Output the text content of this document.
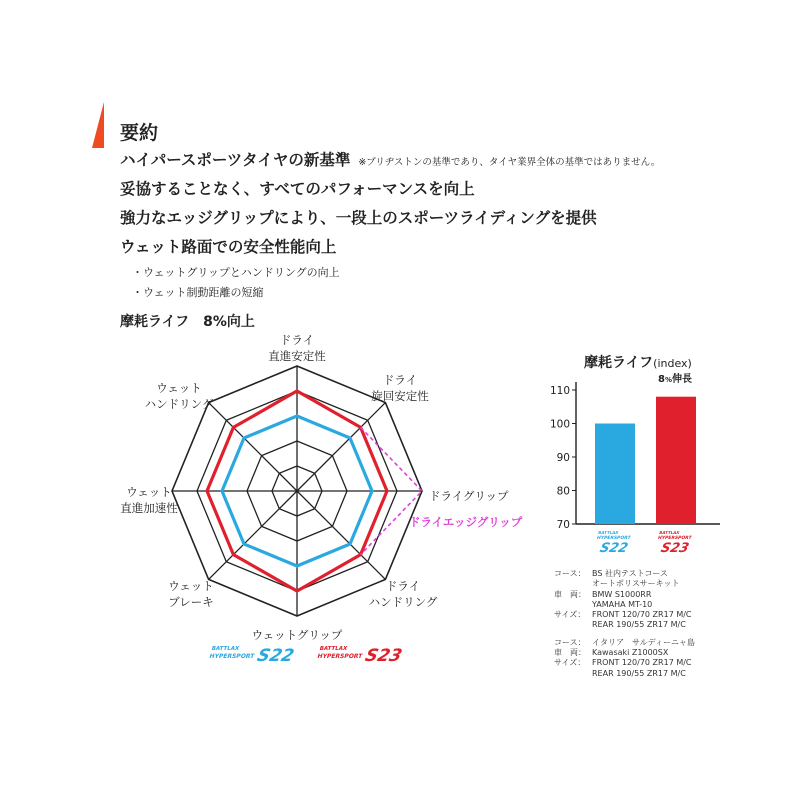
要約
ハイパースポーツタイヤの新基準 ※ブリヂストンの基準であり、タイヤ業界全体の基準ではありません。
妥協することなく、すべてのパフォーマンスを向上
強力なエッジグリップにより、一段上のスポーツライディングを提供
ウェット路面での安全性能向上
・ ウェットグリップとハンドリングの向上
・ ウェット制動距離の短縮
摩耗ライフ　8%向上
ドライ直進安定性
ドライ旋回安定性
ドライグリップ
ドライハンドリング
ウェットグリップ
ウェットブレーキ
ウェット直進加速性
ウェットハンドリング
ドライエッジグリップ
BATTLAX
HYPERSPORT S22	BATTLAX
HYPERSPORT S23
摩耗ライフ(index)
70
80
90
100
110
BATTLAX
HYPERSPORT
S22
BATTLAX
HYPERSPORT
S23
8%伸長
コース： BS 社内テストコース
オートポリスサーキット
車　両： BMW S1000RR
YAMAHA MT-10
サイズ： FRONT 120/70 ZR17 M/C
REAR 190/55 ZR17 M/C
コース： イタリア　サルディーニャ島
車　両： Kawasaki Z1000SX
サイズ： FRONT 120/70 ZR17 M/C
REAR 190/55 ZR17 M/C
